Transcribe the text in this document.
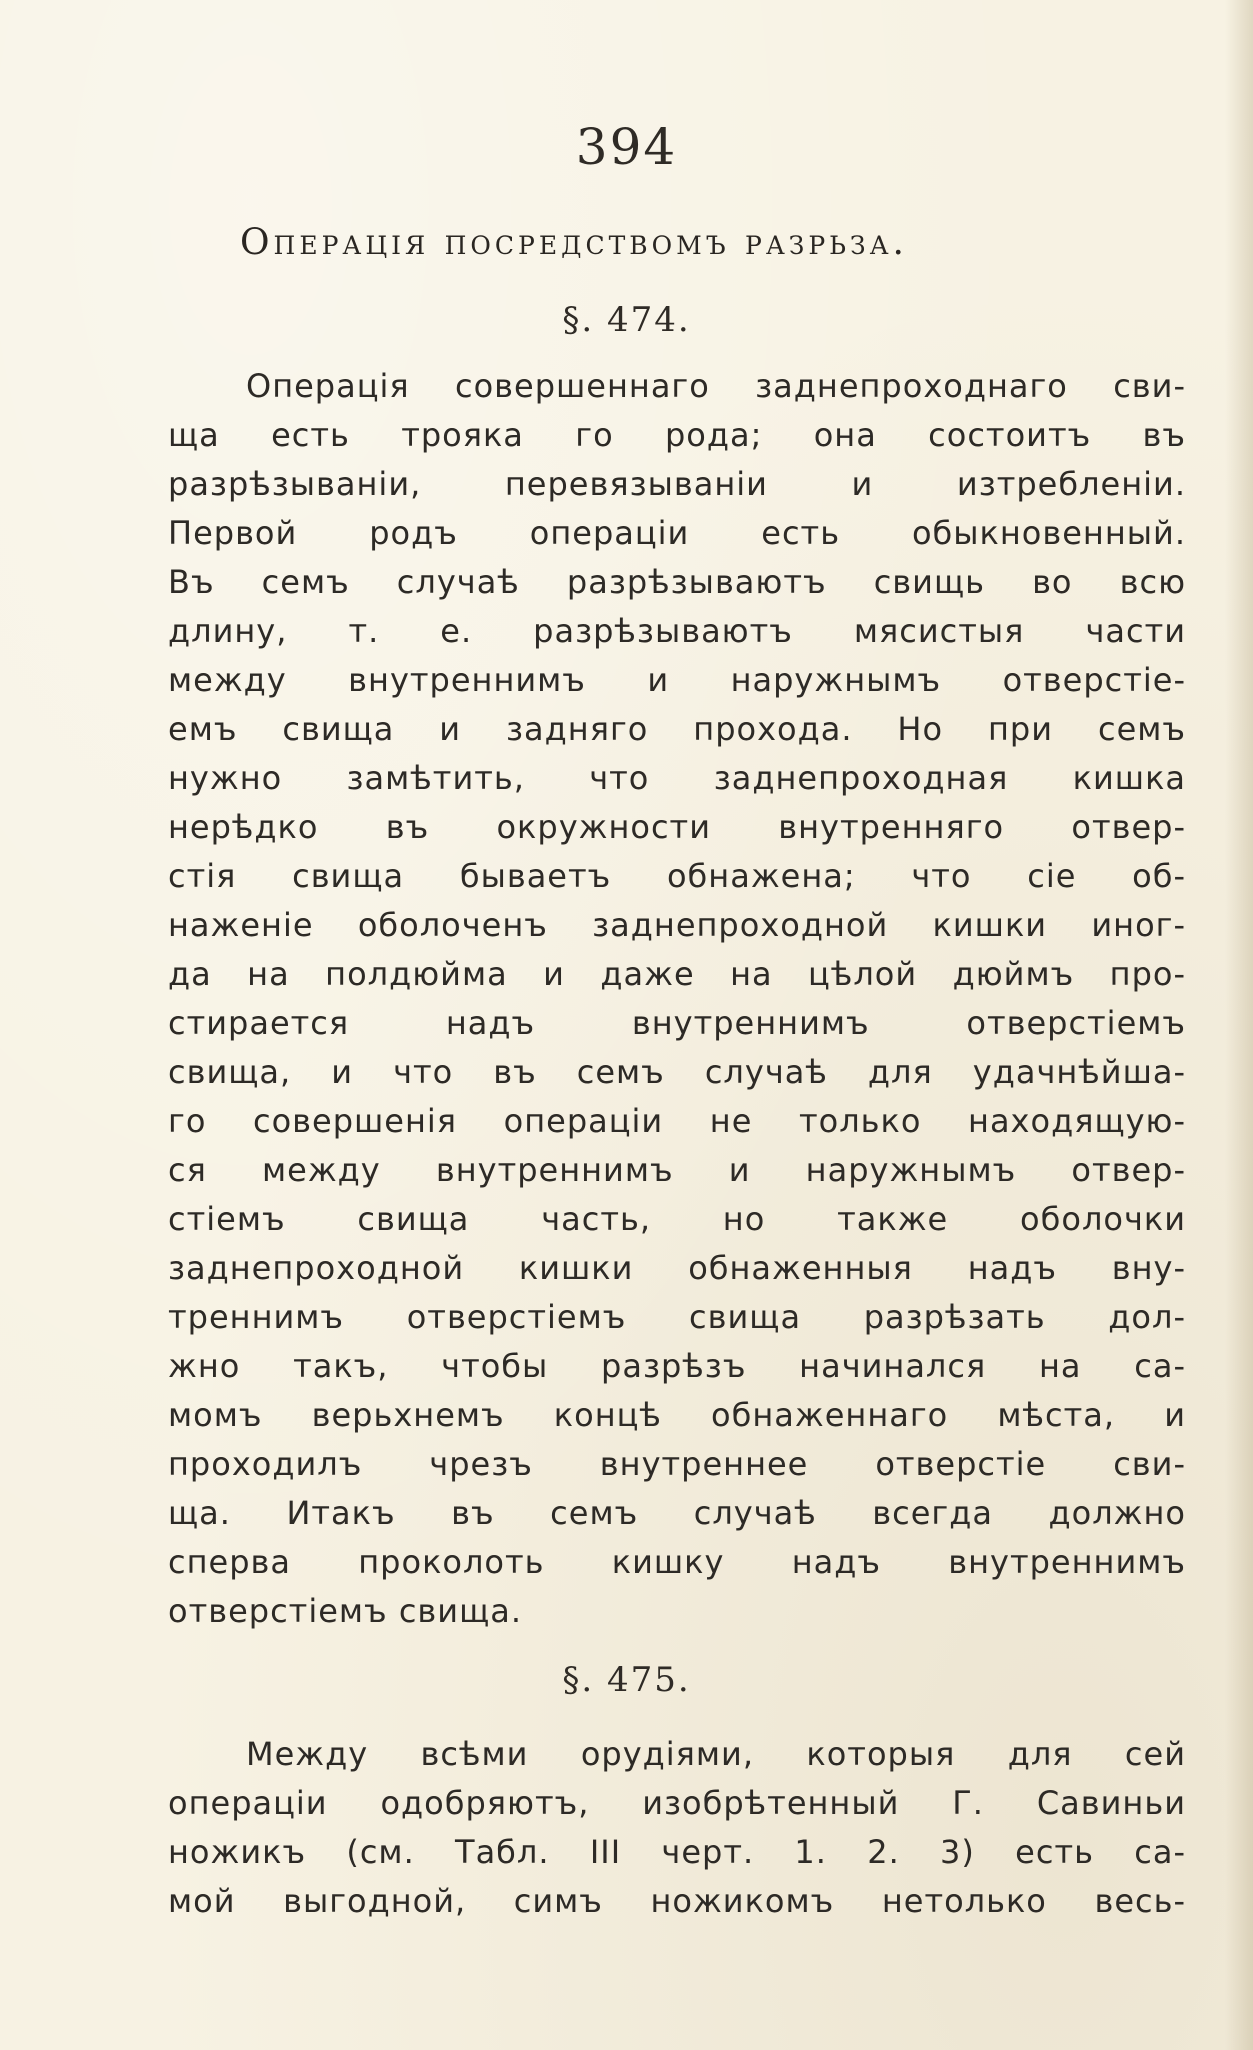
394
Операція посредствомъ разрьза.
§. 474.
Операція совершеннаго заднепроходнаго сви-
ща есть трояка го рода; она состоитъ въ
разрѣзываніи, перевязываніи и изтребленіи.
Первой родъ операціи есть обыкновенный.
Въ семъ случаѣ разрѣзываютъ свищь во всю
длину, т. е. разрѣзываютъ мясистыя части
между внутреннимъ и наружнымъ отверстіе-
емъ свища и задняго прохода. Но при семъ
нужно замѣтить, что заднепроходная кишка
нерѣдко въ окружности внутренняго отвер-
стія свища бываетъ обнажена; что сіе об-
наженіе оболоченъ заднепроходной кишки иног-
да на полдюйма и даже на цѣлой дюймъ про-
стирается надъ внутреннимъ отверстіемъ
свища, и что въ семъ случаѣ для удачнѣйша-
го совершенія операціи не только находящую-
ся между внутреннимъ и наружнымъ отвер-
стіемъ свища часть, но также оболочки
заднепроходной кишки обнаженныя надъ вну-
треннимъ отверстіемъ свища разрѣзать дол-
жно такъ, чтобы разрѣзъ начинался на са-
момъ верьхнемъ концѣ обнаженнаго мѣста, и
проходилъ чрезъ внутреннее отверстіе сви-
ща. Итакъ въ семъ случаѣ всегда должно
сперва проколоть кишку надъ внутреннимъ
отверстіемъ свища.
§. 475.
Между всѣми орудіями, которыя для сей
операціи одобряютъ, изобрѣтенный Г. Савиньи
ножикъ (см. Табл. III черт. 1. 2. 3) есть са-
мой выгодной, симъ ножикомъ нетолько весь-
